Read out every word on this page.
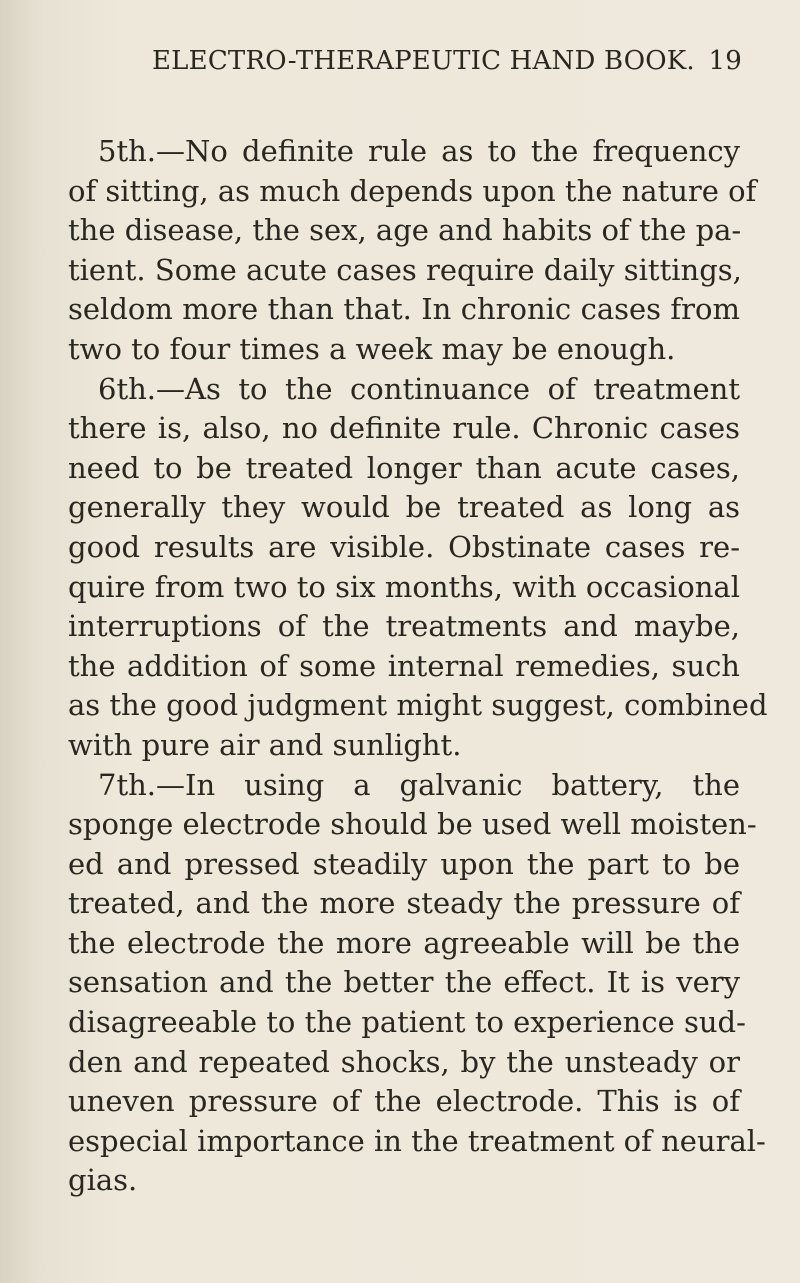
ELECTRO-THERAPEUTIC HAND BOOK. 19
5th.—No definite rule as to the frequency
of sitting, as much depends upon the nature of
the disease, the sex, age and habits of the pa-
tient. Some acute cases require daily sittings,
seldom more than that. In chronic cases from
two to four times a week may be enough.
6th.—As to the continuance of treatment
there is, also, no definite rule. Chronic cases
need to be treated longer than acute cases,
generally they would be treated as long as
good results are visible. Obstinate cases re-
quire from two to six months, with occasional
interruptions of the treatments and maybe,
the addition of some internal remedies, such
as the good judgment might suggest, combined
with pure air and sunlight.
7th.—In using a galvanic battery, the
sponge electrode should be used well moisten-
ed and pressed steadily upon the part to be
treated, and the more steady the pressure of
the electrode the more agreeable will be the
sensation and the better the effect. It is very
disagreeable to the patient to experience sud-
den and repeated shocks, by the unsteady or
uneven pressure of the electrode. This is of
especial importance in the treatment of neural-
gias.
